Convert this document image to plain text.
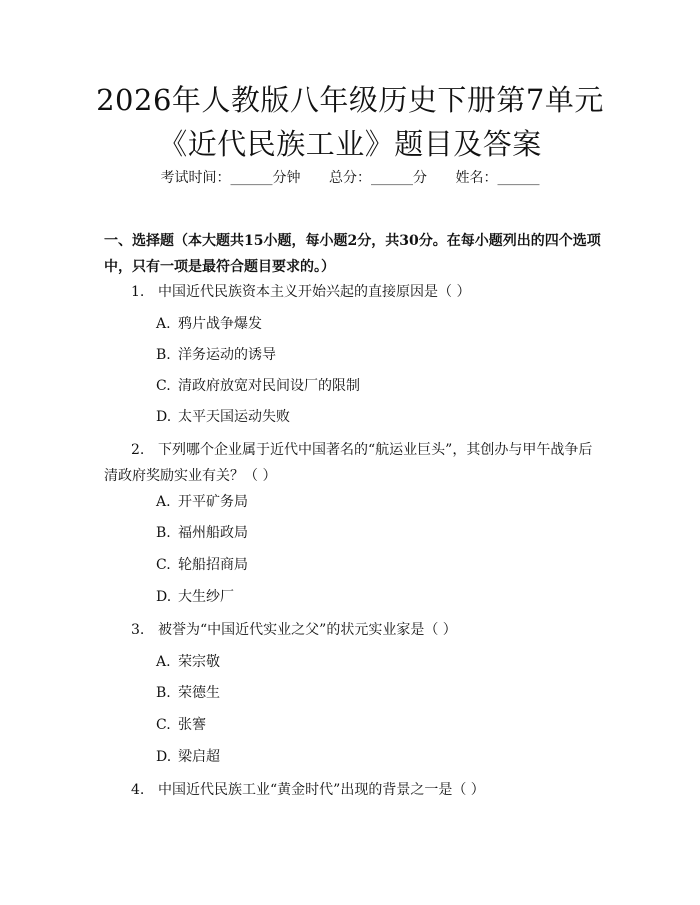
2026年人教版八年级历史下册第7单元《近代民族工业》题目及答案
考试时间：______分钟 总分：______分 姓名：______
一、选择题（本大题共15小题，每小题2分，共30分。在每小题列出的四个选项中，只有一项是最符合题目要求的。）
1. 中国近代民族资本主义开始兴起的直接原因是（ ）
A. 鸦片战争爆发
B. 洋务运动的诱导
C. 清政府放宽对民间设厂的限制
D. 太平天国运动失败
2. 下列哪个企业属于近代中国著名的“航运业巨头”，其创办与甲午战争后清政府奖励实业有关？（ ）
A. 开平矿务局
B. 福州船政局
C. 轮船招商局
D. 大生纱厂
3. 被誉为“中国近代实业之父”的状元实业家是（ ）
A. 荣宗敬
B. 荣德生
C. 张謇
D. 梁启超
4. 中国近代民族工业“黄金时代”出现的背景之一是（ ）
